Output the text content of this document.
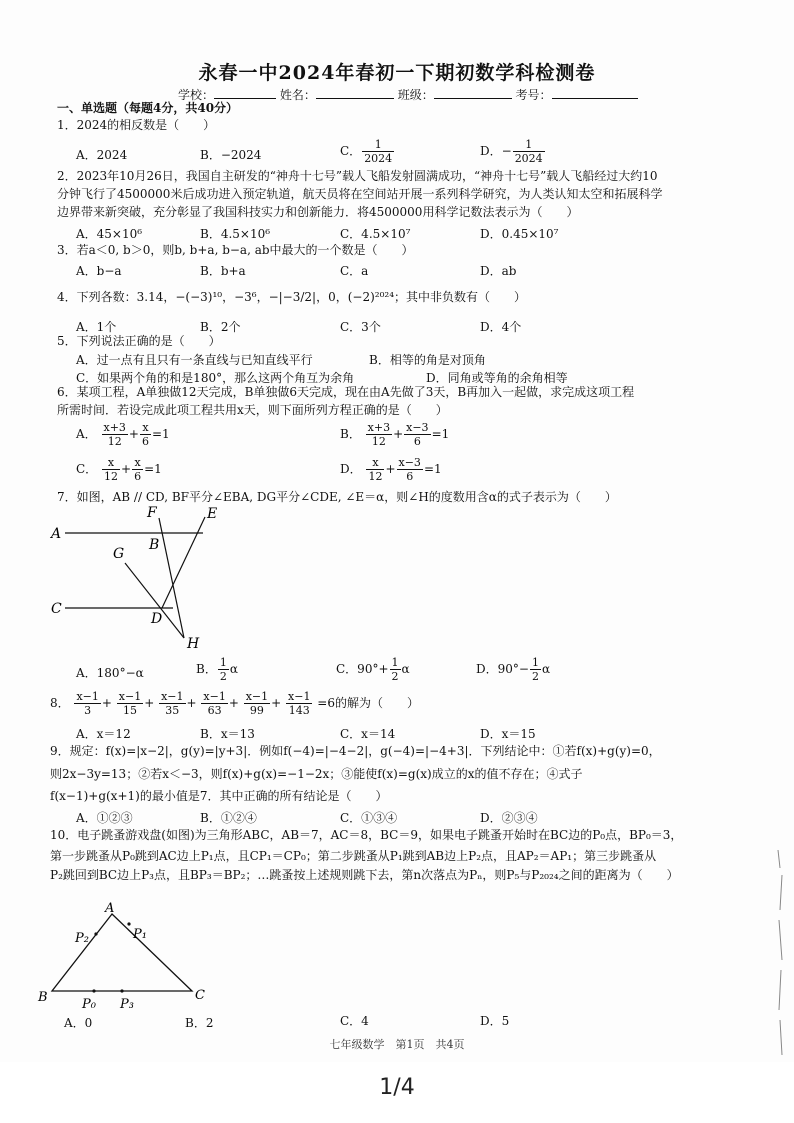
永春一中2024年春初一下期初数学科检测卷
学校：	姓名：	班级：	考号：
一、单选题（每题4分，共40分）
1．2024的相反数是（　　）
A．2024	B．−2024	C． $\frac{1}{2024}$	D．− $\frac{1}{2024}$
2．2023年10月26日，我国自主研发的“神舟十七号”载人飞船发射圆满成功，“神舟十七号”载人飞船经过大约10
分钟飞行了4500000米后成功进入预定轨道，航天员将在空间站开展一系列科学研究，为人类认知太空和拓展科学
边界带来新突破，充分彰显了我国科技实力和创新能力．将4500000用科学记数法表示为（　　）
A．45×10⁶	B．4.5×10⁶	C．4.5×10⁷	D．0.45×10⁷
3．若a＜0, b＞0，则b, b+a, b−a, ab中最大的一个数是（　　）
A．b−a	B．b+a	C．a	D．ab
4．下列各数：3.14，−(−3)¹⁰，−3⁶，−|−3/2|，0，(−2)²⁰²⁴；其中非负数有（　　）
A．1个	B．2个	C．3个	D．4个
5．下列说法正确的是（　　）
A．过一点有且只有一条直线与已知直线平行	B．相等的角是对顶角
C．如果两个角的和是180°，那么这两个角互为余角	D．同角或等角的余角相等
6．某项工程，A单独做12天完成，B单独做6天完成，现在由A先做了3天，B再加入一起做，求完成这项工程
所需时间．若设完成此项工程共用x天，则下面所列方程正确的是（　　）
A． $\frac{x+3}{12} + \frac{x}{6} =1$	B． $\frac{x+3}{12} + \frac{x-3}{6} =1$
C． $\frac{x}{12} + \frac{x}{6} =1$	D． $\frac{x}{12} + \frac{x-3}{6} =1$
7．如图，AB // CD, BF平分∠EBA, DG平分∠CDE, ∠E＝α，则∠H的度数用含α的式子表示为（　　）
A
B
C
D
E
F
G
H
A．180°−α	B． $\frac{1}{2}$ α	C．$90^\circ+ \frac{1}{2}$ α	D．$90^\circ- \frac{1}{2}$ α
8． $\frac{x-1}{3} + \frac{x-1}{15} + \frac{x-1}{35} + \frac{x-1}{63} + \frac{x-1}{99} + \frac{x-1}{143} =6$的解为（　　）
A．x＝12	B．x＝13	C．x＝14	D．x＝15
9．规定：f(x)=|x−2|，g(y)=|y+3|．例如f(−4)=|−4−2|，g(−4)=|−4+3|．下列结论中：①若f(x)+g(y)=0，
则2x−3y=13；②若x＜−3，则f(x)+g(x)=−1−2x；③能使f(x)=g(x)成立的x的值不存在；④式子
f(x−1)+g(x+1)的最小值是7．其中正确的所有结论是（　　）
A．①②③	B．①②④	C．①③④	D．②③④
10．电子跳蚤游戏盘(如图)为三角形ABC，AB＝7，AC＝8，BC＝9，如果电子跳蚤开始时在BC边的P₀点，BP₀＝3，
第一步跳蚤从P₀跳到AC边上P₁点，且CP₁＝CP₀；第二步跳蚤从P₁跳到AB边上P₂点，且AP₂＝AP₁；第三步跳蚤从
P₂跳回到BC边上P₃点，且BP₃＝BP₂；…跳蚤按上述规则跳下去，第n次落点为Pₙ，则P₅与P₂₀₂₄之间的距离为（　　）
A
B	C
P₁
P₂
P₀ P₃
A．0	B．2	C．4	D．5
七年级数学　第1页　共4页
1/4
